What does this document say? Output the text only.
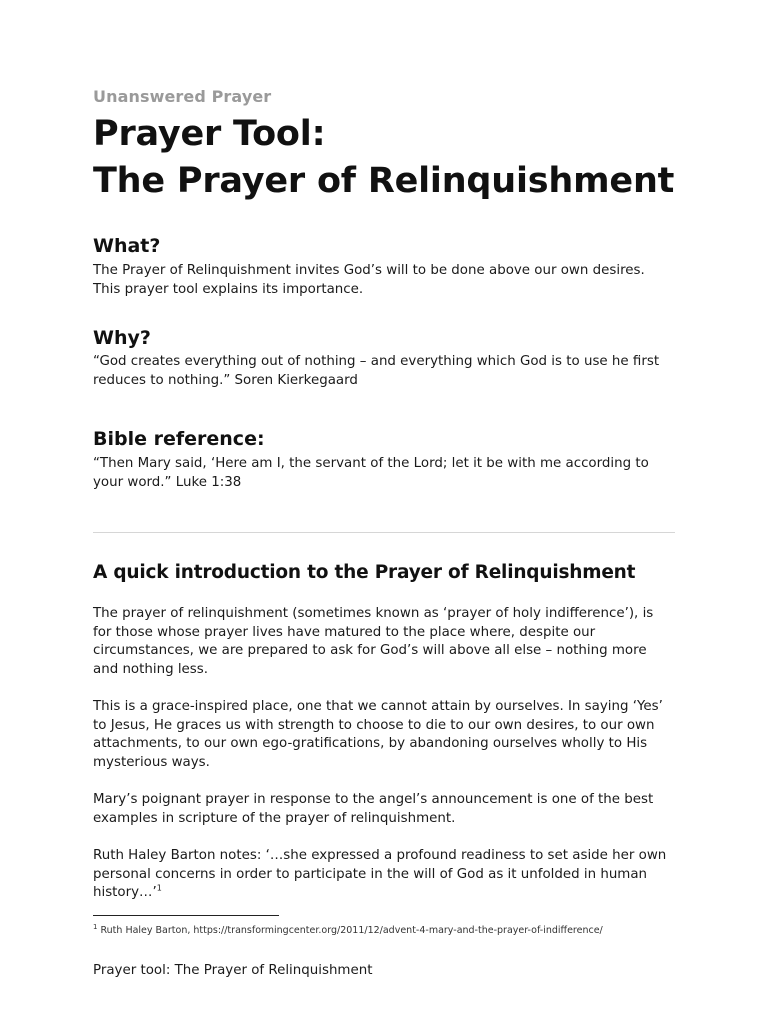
Unanswered Prayer
Prayer Tool:
The Prayer of Relinquishment
What?

The Prayer of Relinquishment invites God’s will to be done above our own desires.

This prayer tool explains its importance.

Why?

“God creates everything out of nothing – and everything which God is to use he first

reduces to nothing.” Soren Kierkegaard

Bible reference:

“Then Mary said, ‘Here am I, the servant of the Lord; let it be with me according to

your word.” Luke 1:38

A quick introduction to the Prayer of Relinquishment
The prayer of relinquishment (sometimes known as ‘prayer of holy indifference’), is
for those whose prayer lives have matured to the place where, despite our
circumstances, we are prepared to ask for God’s will above all else – nothing more
and nothing less.
This is a grace-inspired place, one that we cannot attain by ourselves. In saying ‘Yes’
to Jesus, He graces us with strength to choose to die to our own desires, to our own
attachments, to our own ego-gratifications, by abandoning ourselves wholly to His
mysterious ways.
Mary’s poignant prayer in response to the angel’s announcement is one of the best
examples in scripture of the prayer of relinquishment.
Ruth Haley Barton notes: ‘…she expressed a profound readiness to set aside her own
personal concerns in order to participate in the will of God as it unfolded in human
history…’$^1$
$^1$ Ruth Haley Barton, https://transformingcenter.org/2011/12/advent-4-mary-and-the-prayer-of-indifference/
Prayer tool: The Prayer of Relinquishment
